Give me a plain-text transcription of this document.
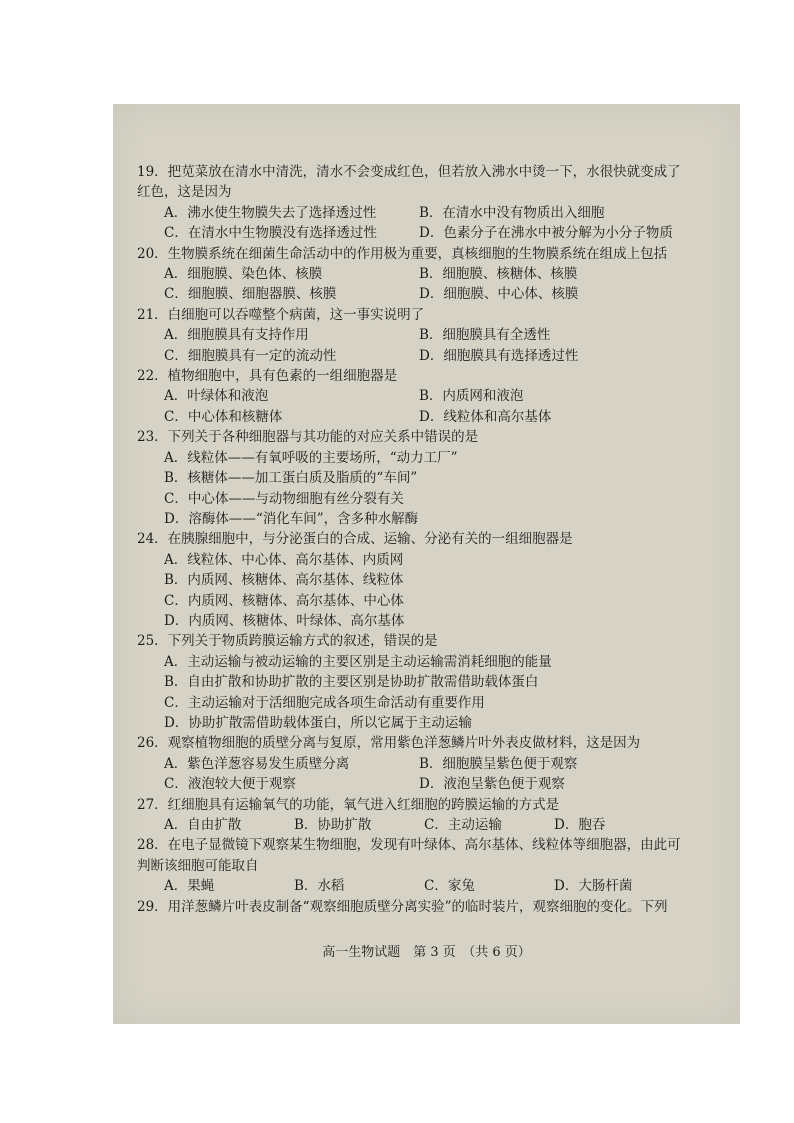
19．把苋菜放在清水中清洗，清水不会变成红色，但若放入沸水中烫一下，水很快就变成了
红色，这是因为
A．沸水使生物膜失去了选择透过性	B．在清水中没有物质出入细胞
C．在清水中生物膜没有选择透过性	D．色素分子在沸水中被分解为小分子物质
20．生物膜系统在细菌生命活动中的作用极为重要，真核细胞的生物膜系统在组成上包括
A．细胞膜、染色体、核膜	B．细胞膜、核糖体、核膜
C．细胞膜、细胞器膜、核膜	D．细胞膜、中心体、核膜
21．白细胞可以吞噬整个病菌，这一事实说明了
A．细胞膜具有支持作用	B．细胞膜具有全透性
C．细胞膜具有一定的流动性	D．细胞膜具有选择透过性
22．植物细胞中，具有色素的一组细胞器是
A．叶绿体和液泡	B．内质网和液泡
C．中心体和核糖体	D．线粒体和高尔基体
23．下列关于各种细胞器与其功能的对应关系中错误的是
A．线粒体——有氧呼吸的主要场所，“动力工厂”
B．核糖体——加工蛋白质及脂质的“车间”
C．中心体——与动物细胞有丝分裂有关
D．溶酶体——“消化车间”，含多种水解酶
24．在胰腺细胞中，与分泌蛋白的合成、运输、分泌有关的一组细胞器是
A．线粒体、中心体、高尔基体、内质网
B．内质网、核糖体、高尔基体、线粒体
C．内质网、核糖体、高尔基体、中心体
D．内质网、核糖体、叶绿体、高尔基体
25．下列关于物质跨膜运输方式的叙述，错误的是
A．主动运输与被动运输的主要区别是主动运输需消耗细胞的能量
B．自由扩散和协助扩散的主要区别是协助扩散需借助载体蛋白
C．主动运输对于活细胞完成各项生命活动有重要作用
D．协助扩散需借助载体蛋白，所以它属于主动运输
26．观察植物细胞的质壁分离与复原，常用紫色洋葱鳞片叶外表皮做材料，这是因为
A．紫色洋葱容易发生质壁分离	B．细胞膜呈紫色便于观察
C．液泡较大便于观察	D．液泡呈紫色便于观察
27．红细胞具有运输氧气的功能，氧气进入红细胞的跨膜运输的方式是
A．自由扩散	B．协助扩散	C．主动运输	D．胞吞
28．在电子显微镜下观察某生物细胞，发现有叶绿体、高尔基体、线粒体等细胞器，由此可
判断该细胞可能取自
A．果蝇	B．水稻	C．家兔	D．大肠杆菌
29．用洋葱鳞片叶表皮制备“观察细胞质壁分离实验”的临时装片，观察细胞的变化。下列
高一生物试题　第 3 页　（共 6 页）
